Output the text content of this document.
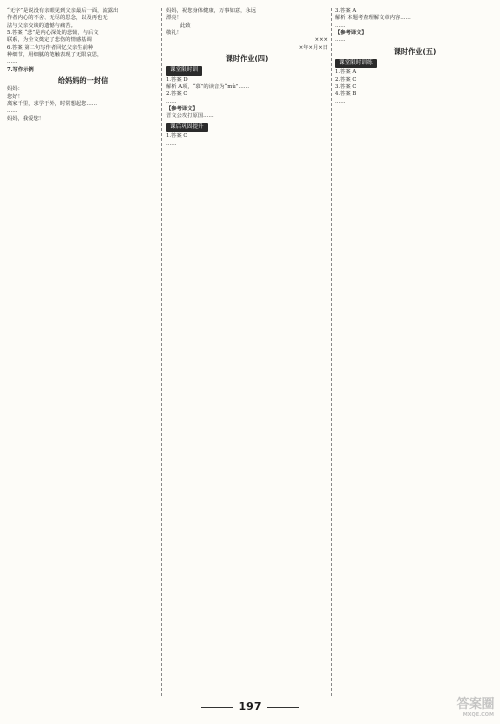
“无字”是说没有亲眼见到父亲最后一面，流露出

作者内心的不舍、无尽的思念，以及再也无

法与父亲交谈的遗憾与痛苦。

5.答案 “悲”是内心深处的悲恸，与后文

联系，为全文奠定了悲伤的情感基调

6.答案 第二句写作者回忆父亲生前种

种细节，用细腻的笔触表现了无限哀思，

……

7.写作示例

给妈妈的一封信

妈妈：

您好！

离家千里，求学于外，时常想起您……

……

妈妈，我爱您！

妈妈，祝您身体健康，万事如意，永远

漂亮！

此致

敬礼！

×××

×年×月×日

课时作业(四)
课堂限时训

1.答案 D

解析 A项，“慕”的读音为“mù”……

2.答案 C

……

【参考译文】

晋文公攻打原国……

课后巩固提升

1.答案 C

……

3.答案 A

解析 本题考查理解文章内容……

……

【参考译文】

……

课时作业(五)
课堂限时训练

1.答案 A

2.答案 C

3.答案 C

4.答案 B

……

197	答案圈
MXQE.COM
